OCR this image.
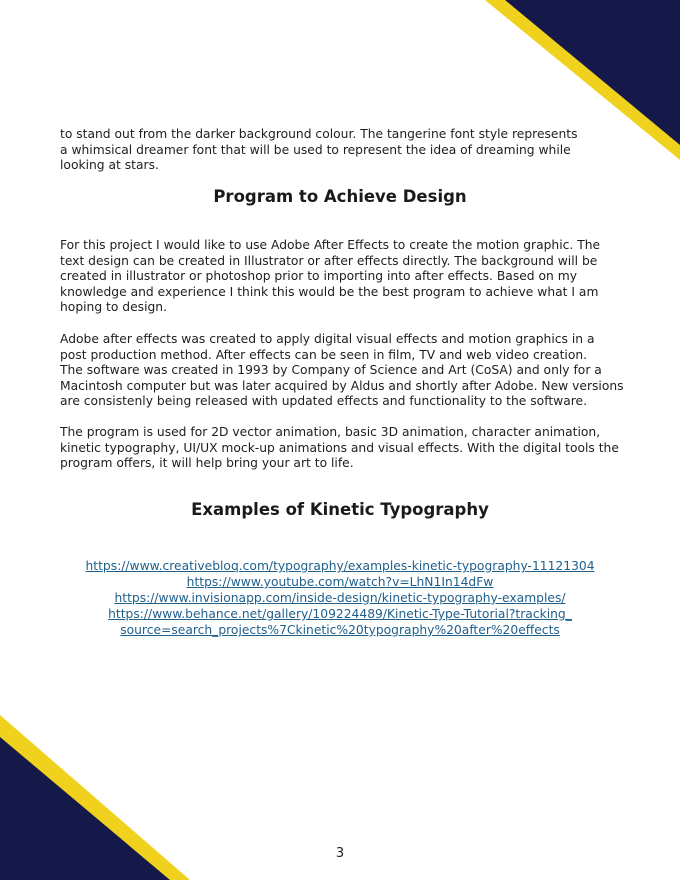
to stand out from the darker background colour. The tangerine font style represents
a whimsical dreamer font that will be used to represent the idea of dreaming while
looking at stars.

Program to Achieve Design

For this project I would like to use Adobe After Effects to create the motion graphic. The
text design can be created in Illustrator or after effects directly. The background will be
created in illustrator or photoshop prior to importing into after effects. Based on my
knowledge and experience I think this would be the best program to achieve what I am
hoping to design.

Adobe after effects was created to apply digital visual effects and motion graphics in a
post production method. After effects can be seen in film, TV and web video creation.
The software was created in 1993 by Company of Science and Art (CoSA) and only for a
Macintosh computer but was later acquired by Aldus and shortly after Adobe. New versions
are consistenly being released with updated effects and functionality to the software.

The program is used for 2D vector animation, basic 3D animation, character animation,
kinetic typography, UI/UX mock-up animations and visual effects. With the digital tools the
program offers, it will help bring your art to life.

Examples of Kinetic Typography
https://www.creativebloq.com/typography/examples-kinetic-typography-11121304
https://www.youtube.com/watch?v=LhN1In14dFw
https://www.invisionapp.com/inside-design/kinetic-typography-examples/
https://www.behance.net/gallery/109224489/Kinetic-Type-Tutorial?tracking_
source=search_projects%7Ckinetic%20typography%20after%20effects
3
